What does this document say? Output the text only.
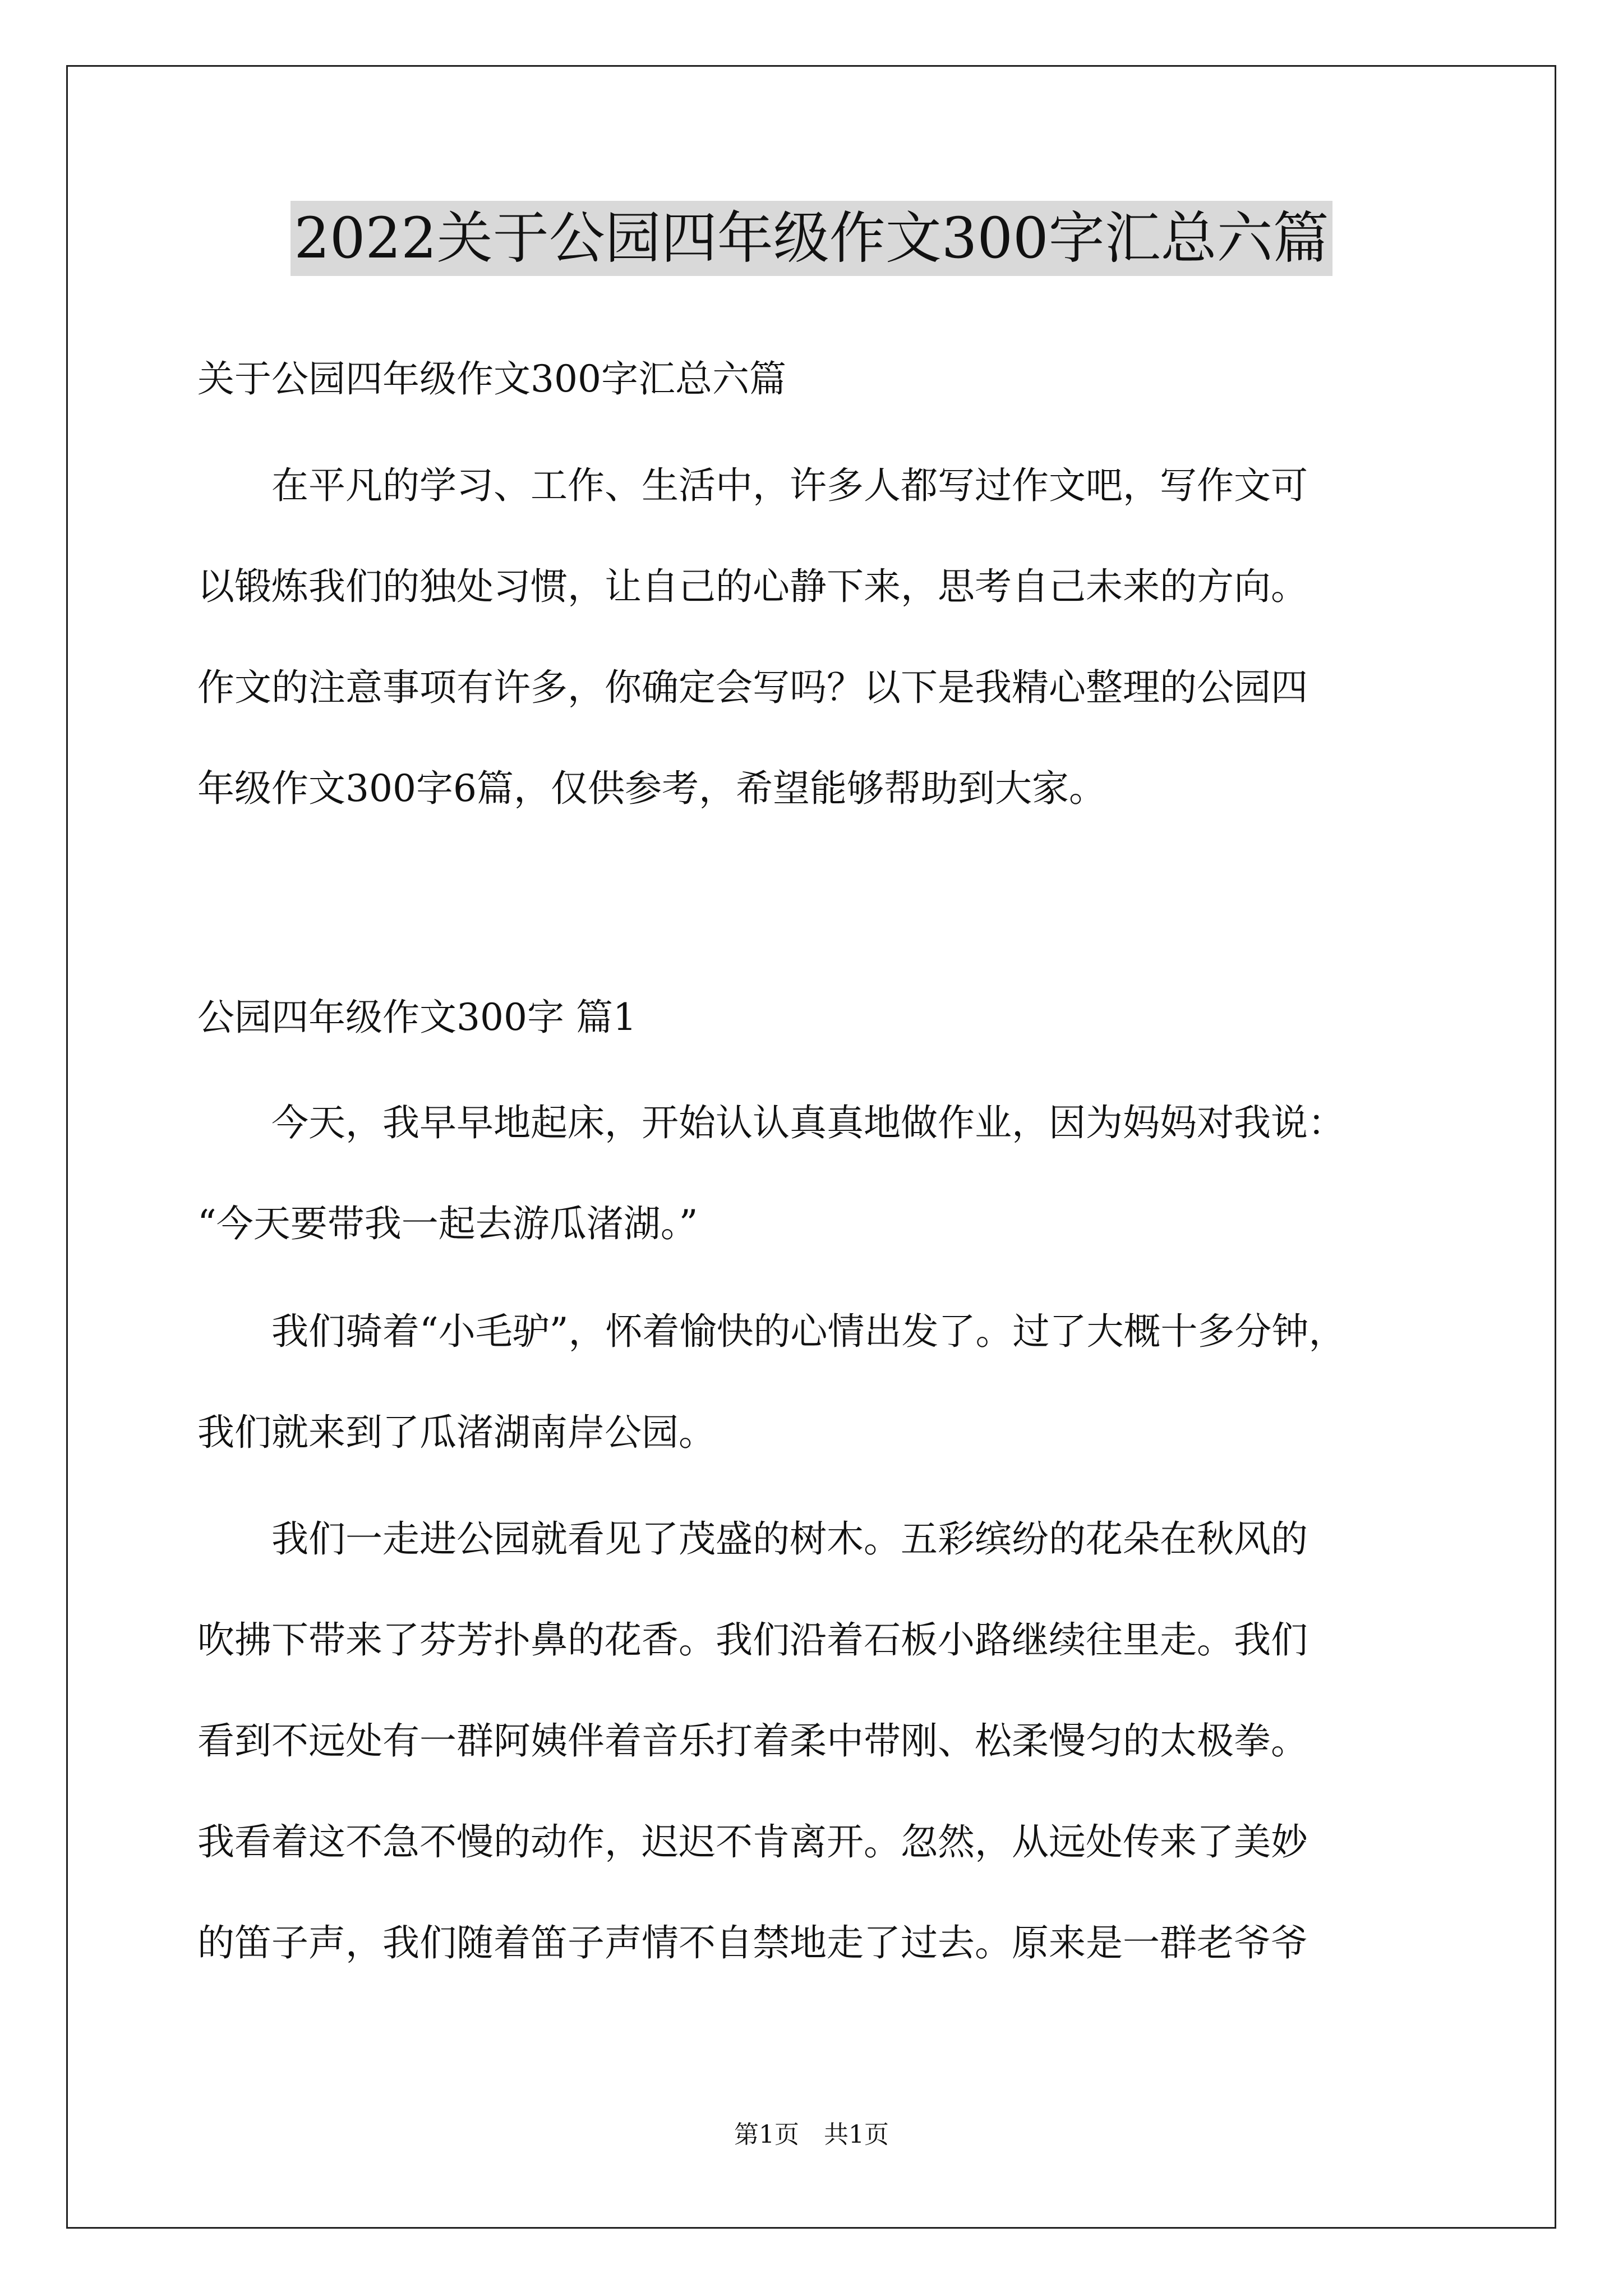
2022关于公园四年级作文300字汇总六篇
关于公园四年级作文300字汇总六篇
　　在平凡的学习、工作、生活中，许多人都写过作文吧，写作文可
以锻炼我们的独处习惯，让自己的心静下来，思考自己未来的方向。
作文的注意事项有许多，你确定会写吗？以下是我精心整理的公园四
年级作文300字6篇，仅供参考，希望能够帮助到大家。
公园四年级作文300字 篇1
　　今天，我早早地起床，开始认认真真地做作业，因为妈妈对我说：
“今天要带我一起去游瓜渚湖。”
　　我们骑着“小毛驴”，怀着愉快的心情出发了。过了大概十多分钟，
我们就来到了瓜渚湖南岸公园。
　　我们一走进公园就看见了茂盛的树木。五彩缤纷的花朵在秋风的
吹拂下带来了芬芳扑鼻的花香。我们沿着石板小路继续往里走。我们
看到不远处有一群阿姨伴着音乐打着柔中带刚、松柔慢匀的太极拳。
我看着这不急不慢的动作，迟迟不肯离开。忽然，从远处传来了美妙
的笛子声，我们随着笛子声情不自禁地走了过去。原来是一群老爷爷
第1页　共1页
